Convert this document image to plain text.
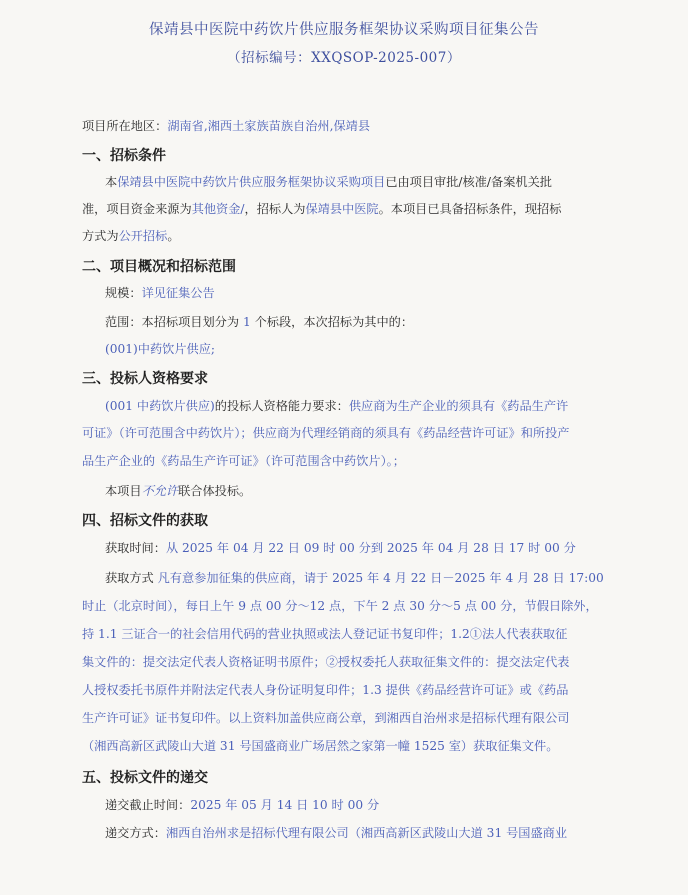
保靖县中医院中药饮片供应服务框架协议采购项目征集公告
（招标编号：XXQSOP-2025-007）
项目所在地区：湖南省,湘西土家族苗族自治州,保靖县
一、招标条件
本保靖县中医院中药饮片供应服务框架协议采购项目已由项目审批/核准/备案机关批
准，项目资金来源为其他资金/，招标人为保靖县中医院。本项目已具备招标条件，现招标
方式为公开招标。
二、项目概况和招标范围
规模：详见征集公告
范围：本招标项目划分为 1 个标段，本次招标为其中的：
(001)中药饮片供应;
三、投标人资格要求
(001 中药饮片供应)的投标人资格能力要求：供应商为生产企业的须具有《药品生产许
可证》（许可范围含中药饮片）；供应商为代理经销商的须具有《药品经营许可证》和所投产
品生产企业的《药品生产许可证》（许可范围含中药饮片）。；
本项目不允许联合体投标。
四、招标文件的获取
获取时间：从 2025 年 04 月 22 日 09 时 00 分到 2025 年 04 月 28 日 17 时 00 分
获取方式 凡有意参加征集的供应商，请于 2025 年 4 月 22 日－2025 年 4 月 28 日 17:00
时止（北京时间），每日上午 9 点 00 分～12 点，下午 2 点 30 分～5 点 00 分，节假日除外，
持 1.1 三证合一的社会信用代码的营业执照或法人登记证书复印件；1.2①法人代表获取征
集文件的：提交法定代表人资格证明书原件；②授权委托人获取征集文件的：提交法定代表
人授权委托书原件并附法定代表人身份证明复印件；1.3 提供《药品经营许可证》或《药品
生产许可证》证书复印件。以上资料加盖供应商公章，到湘西自治州求是招标代理有限公司
（湘西高新区武陵山大道 31 号国盛商业广场居然之家第一幢 1525 室）获取征集文件。
五、投标文件的递交
递交截止时间：2025 年 05 月 14 日 10 时 00 分
递交方式：湘西自治州求是招标代理有限公司（湘西高新区武陵山大道 31 号国盛商业
